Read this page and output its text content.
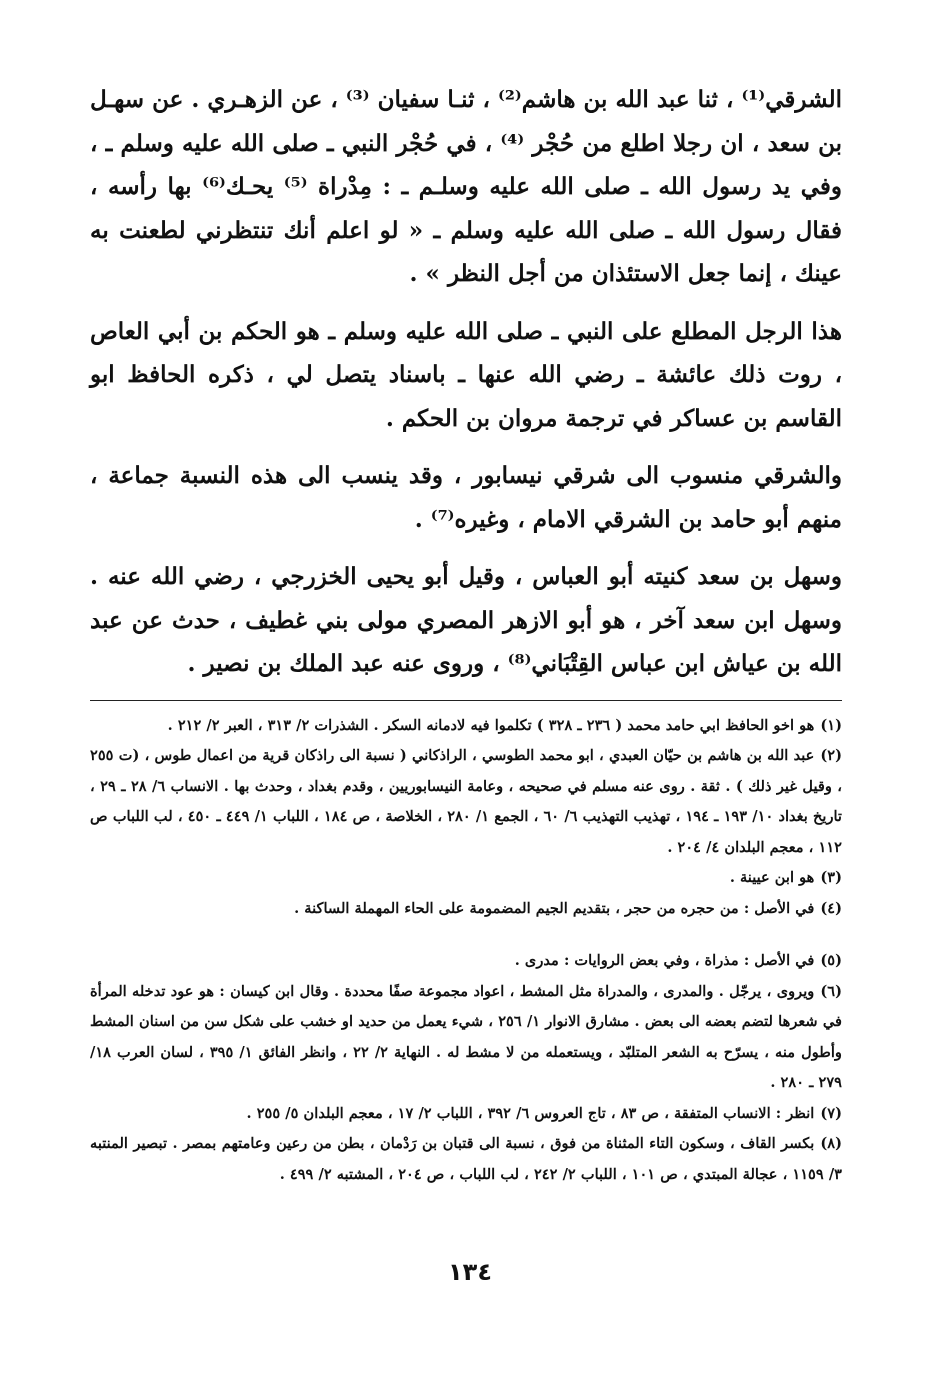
الشرقي⁽¹⁾ ، ثنا عبد الله بن هاشم⁽²⁾ ، ثنـا سفيان ⁽³⁾ ، عن الزهـري . عن سهـل بن سعد ، ان رجلا اطلع من حُجْر ⁽⁴⁾ ، في حُجْر النبي ـ صلى الله عليه وسلم ـ ، وفي يد رسول الله ـ صلى الله عليه وسلـم ـ : مِدْراة ⁽⁵⁾ يحـك⁽⁶⁾ بها رأسه ، فقال رسول الله ـ صلى الله عليه وسلم ـ « لو اعلم أنك تنتظرني لطعنت به عينك ، إنما جعل الاستئذان من أجل النظر » .

هذا الرجل المطلع على النبي ـ صلى الله عليه وسلم ـ هو الحكم بن أبي العاص ، روت ذلك عائشة ـ رضي الله عنها ـ باسناد يتصل لي ، ذكره الحافظ ابو القاسم بن عساكر في ترجمة مروان بن الحكم .

والشرقي منسوب الى شرقي نيسابور ، وقد ينسب الى هذه النسبة جماعة ، منهم أبو حامد بن الشرقي الامام ، وغيره⁽⁷⁾ .

وسهل بن سعد كنيته أبو العباس ، وقيل أبو يحيى الخزرجي ، رضي الله عنه . وسهل ابن سعد آخر ، هو أبو الازهر المصري مولى بني غطيف ، حدث عن عبد الله بن عياش ابن عباس القِتْبَاني⁽⁸⁾ ، وروى عنه عبد الملك بن نصير .

(١)هو اخو الحافظ ابي حامد محمد ( ٢٣٦ ـ ٣٢٨ ) تكلموا فيه لادمانه السكر . الشذرات ٢/ ٣١٣ ، العبر ٢/ ٢١٢ .

(٢)عبد الله بن هاشم بن حيّان العبدي ، ابو محمد الطوسي ، الراذكاني ( نسبة الى راذكان قرية من اعمال طوس ، (ت ٢٥٥ ، وقيل غير ذلك ) . ثقة . روى عنه مسلم في صحيحه ، وعامة النيسابوريين ، وقدم بغداد ، وحدث بها . الانساب ٦/ ٢٨ ـ ٢٩ ، تاريخ بغداد ١٠/ ١٩٣ ـ ١٩٤ ، تهذيب التهذيب ٦/ ٦٠ ، الجمع ١/ ٢٨٠ ، الخلاصة ، ص ١٨٤ ، اللباب ١/ ٤٤٩ ـ ٤٥٠ ، لب اللباب ص ١١٢ ، معجم البلدان ٤/ ٢٠٤ .

(٣)هو ابن عيينة .

(٤)في الأصل : من حجره من حجر ، بتقديم الجيم المضمومة على الحاء المهملة الساكنة .

(٥)في الأصل : مذراة ، وفي بعض الروايات : مدرى .

(٦)ويروى ، يرجّل . والمدرى ، والمدراة مثل المشط ، اعواد مجموعة صفًا محددة . وقال ابن كيسان : هو عود تدخله المرأة في شعرها لتضم بعضه الى بعض . مشارق الانوار ١/ ٢٥٦ ، شيء يعمل من حديد او خشب على شكل سن من اسنان المشط وأطول منه ، يسرّح به الشعر المتلبّد ، ويستعمله من لا مشط له . النهاية ٢/ ٢٢ ، وانظر الفائق ١/ ٣٩٥ ، لسان العرب ١٨/ ٢٧٩ ـ ٢٨٠ .

(٧)انظر : الانساب المتفقة ، ص ٨٣ ، تاج العروس ٦/ ٣٩٢ ، اللباب ٢/ ١٧ ، معجم البلدان ٥/ ٢٥٥ .

(٨)بكسر القاف ، وسكون التاء المثناة من فوق ، نسبة الى قتبان بن رَدْمان ، بطن من رعين وعامتهم بمصر . تبصير المنتبه ٣/ ١١٥٩ ، عجالة المبتدي ، ص ١٠١ ، اللباب ٢/ ٢٤٢ ، لب اللباب ، ص ٢٠٤ ، المشتبه ٢/ ٤٩٩ .

١٣٤
